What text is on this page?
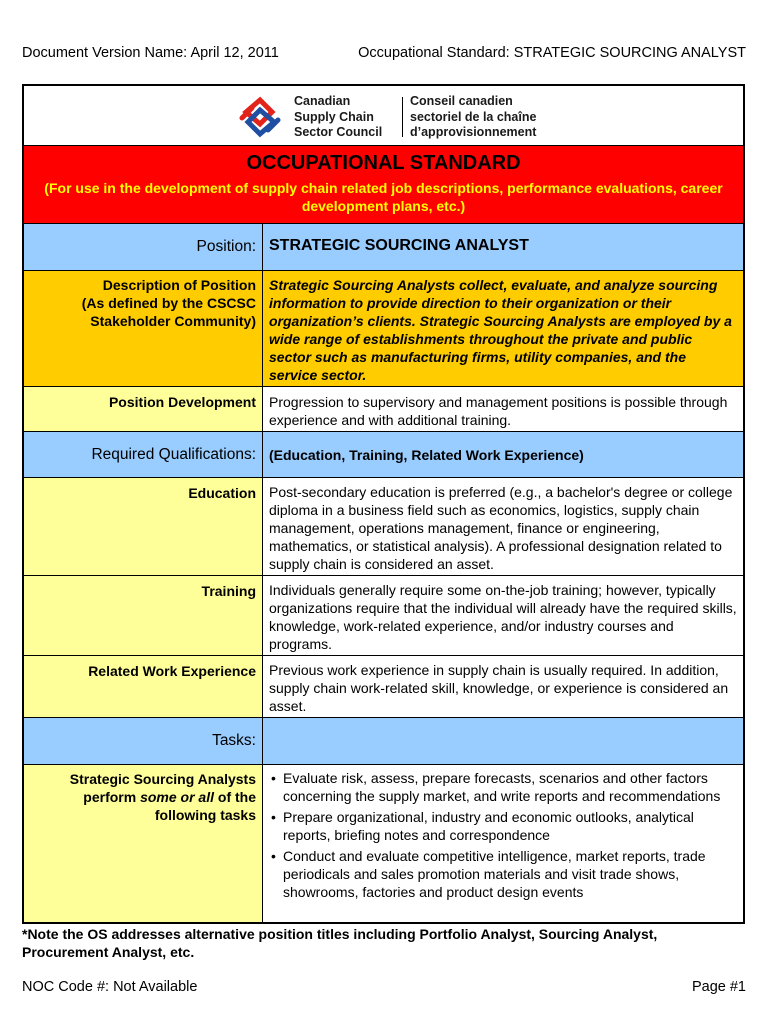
Document Version Name: April 12, 2011	Occupational Standard: STRATEGIC SOURCING ANALYST
Canadian
Supply Chain
Sector Council
Conseil canadien
sectoriel de la chaîne
d’approvisionnement
OCCUPATIONAL STANDARD
(For use in the development of supply chain related job descriptions, performance evaluations, career development plans, etc.)
Position: STRATEGIC SOURCING ANALYST
Description of Position
(As defined by the CSCSC Stakeholder Community)
Strategic Sourcing Analysts collect, evaluate, and analyze sourcing information to provide direction to their organization or their organization’s clients. Strategic Sourcing Analysts are employed by a wide range of establishments throughout the private and public sector such as manufacturing firms, utility companies, and the service sector.
Position Development Progression to supervisory and management positions is possible through experience and with additional training.
Required Qualifications: (Education, Training, Related Work Experience)
Education Post-secondary education is preferred (e.g., a bachelor's degree or college diploma in a business field such as economics, logistics, supply chain management, operations management, finance or engineering, mathematics, or statistical analysis). A professional designation related to supply chain is considered an asset.
Training Individuals generally require some on-the-job training; however, typically organizations require that the individual will already have the required skills, knowledge, work-related experience, and/or industry courses and programs.
Related Work Experience Previous work experience in supply chain is usually required. In addition, supply chain work-related skill, knowledge, or experience is considered an asset.
Tasks:
Strategic Sourcing Analysts perform some or all of the following tasks
• Evaluate risk, assess, prepare forecasts, scenarios and other factors concerning the supply market, and write reports and recommendations
• Prepare organizational, industry and economic outlooks, analytical reports, briefing notes and correspondence
• Conduct and evaluate competitive intelligence, market reports, trade periodicals and sales promotion materials and visit trade shows, showrooms, factories and product design events
*Note the OS addresses alternative position titles including Portfolio Analyst, Sourcing Analyst, Procurement Analyst, etc.
NOC Code #: Not Available	Page #1
